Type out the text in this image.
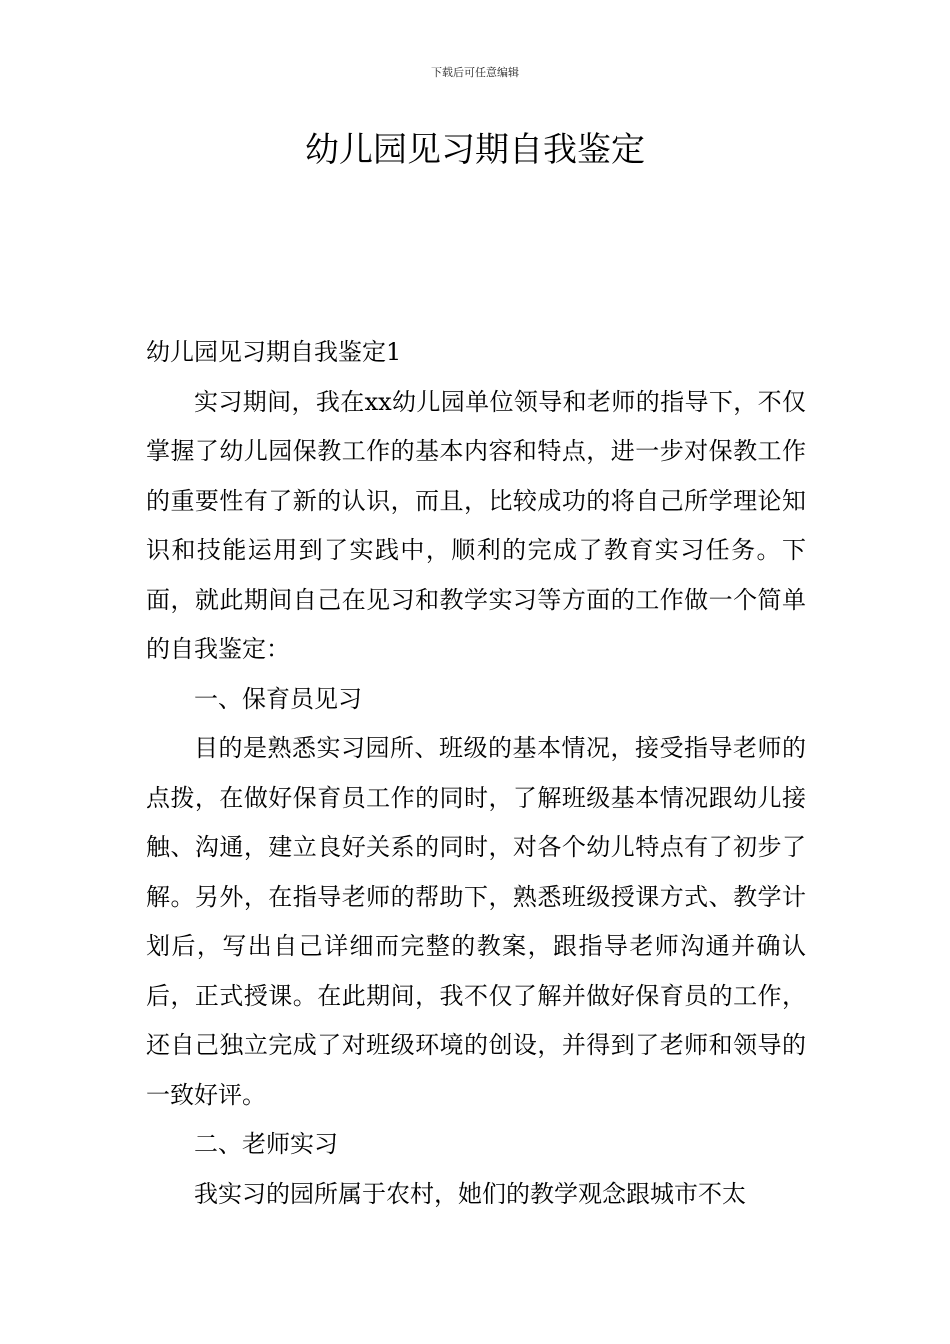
下载后可任意编辑
幼儿园见习期自我鉴定

幼儿园见习期自我鉴定1

实习期间，我在xx幼儿园单位领导和老师的指导下，不仅掌握了幼儿园保教工作的基本内容和特点，进一步对保教工作的重要性有了新的认识，而且，比较成功的将自己所学理论知识和技能运用到了实践中，顺利的完成了教育实习任务。下面，就此期间自己在见习和教学实习等方面的工作做一个简单的自我鉴定：

一、保育员见习

目的是熟悉实习园所、班级的基本情况，接受指导老师的点拨，在做好保育员工作的同时，了解班级基本情况跟幼儿接触、沟通，建立良好关系的同时，对各个幼儿特点有了初步了解。另外，在指导老师的帮助下，熟悉班级授课方式、教学计划后，写出自己详细而完整的教案，跟指导老师沟通并确认后，正式授课。在此期间，我不仅了解并做好保育员的工作，还自己独立完成了对班级环境的创设，并得到了老师和领导的一致好评。

二、老师实习

我实习的园所属于农村，她们的教学观念跟城市不太
